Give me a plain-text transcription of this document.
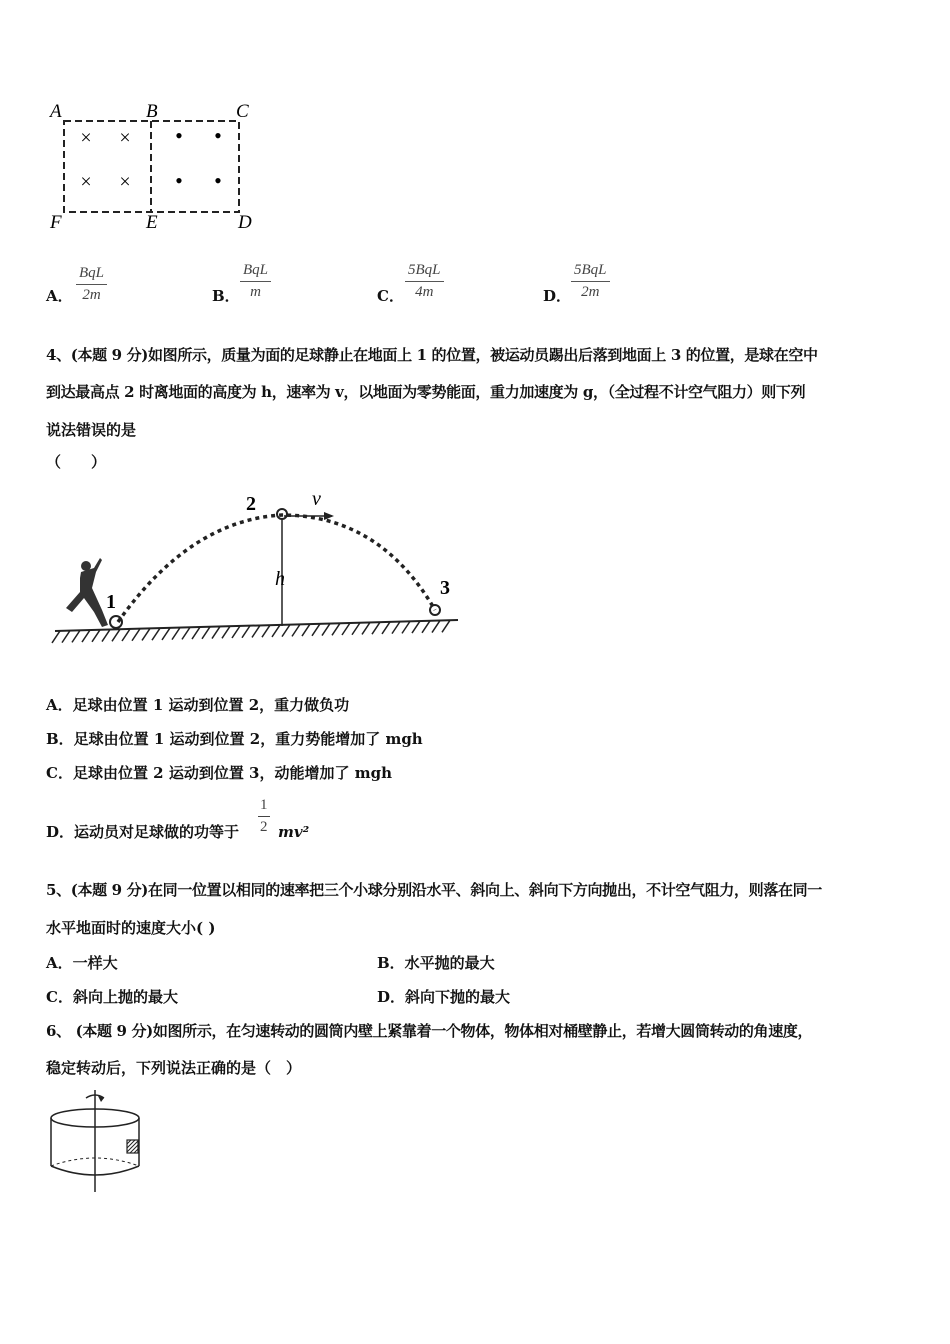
A	B	C
F	E	D
× ×
× ×
• •
• •
A．
BqL
2m	B．
BqL
m	C．
5BqL
4m	D．
5BqL
2m
4、(本题 9 分)如图所示，质量为面的足球静止在地面上 1 的位置，被运动员踢出后落到地面上 3 的位置，是球在空中
到达最高点 2 时离地面的高度为 h，速率为 v，以地面为零势能面，重力加速度为 g，（全过程不计空气阻力）则下列
说法错误的是
（　　）
2	v
h
1
3
A．足球由位置 1 运动到位置 2，重力做负功
B．足球由位置 1 运动到位置 2，重力势能增加了 mgh
C．足球由位置 2 运动到位置 3，动能增加了 mgh
D．运动员对足球做的功等于 $\frac{1}{2} mv^2$
5、(本题 9 分)在同一位置以相同的速率把三个小球分别沿水平、斜向上、斜向下方向抛出，不计空气阻力，则落在同一
水平地面时的速度大小( )
A．一样大	B．水平抛的最大
C．斜向上抛的最大	D．斜向下抛的最大
6、 (本题 9 分)如图所示，在匀速转动的圆筒内壁上紧靠着一个物体，物体相对桶壁静止，若增大圆筒转动的角速度，
稳定转动后，下列说法正确的是（　）
